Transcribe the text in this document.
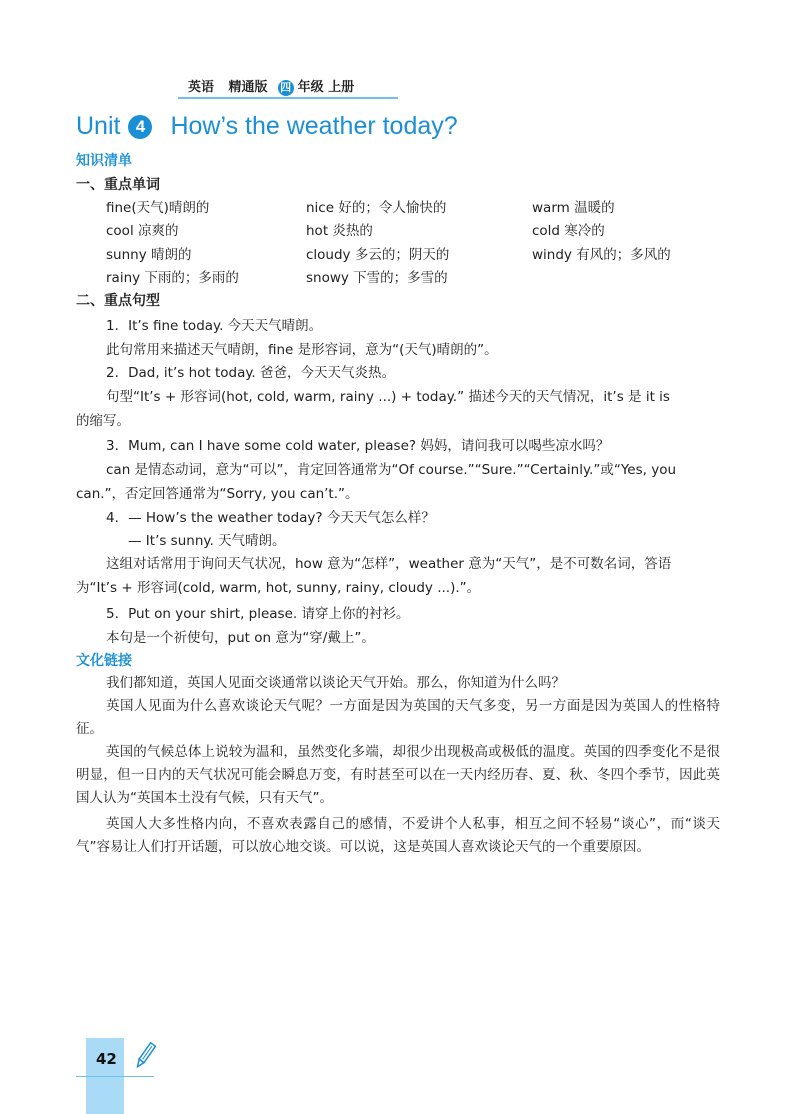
英语 精通版 四 年级 上册
Unit 4 How’s the weather today?
知识清单
一、重点单词
fine(天气)晴朗的	nice 好的；令人愉快的	warm 温暖的
cool 凉爽的	hot 炎热的	cold 寒冷的
sunny 晴朗的	cloudy 多云的；阴天的	windy 有风的；多风的
rainy 下雨的；多雨的	snowy 下雪的；多雪的
二、重点句型
1．It’s fine today. 今天天气晴朗。
此句常用来描述天气晴朗，fine 是形容词，意为“(天气)晴朗的”。
2．Dad, it’s hot today. 爸爸，今天天气炎热。
句型“It’s + 形容词(hot, cold, warm, rainy ...) + today.” 描述今天的天气情况，it’s 是 it is
的缩写。
3．Mum, can I have some cold water, please? 妈妈，请问我可以喝些凉水吗？
can 是情态动词，意为“可以”，肯定回答通常为“Of course.”“Sure.”“Certainly.”或“Yes, you
can.”，否定回答通常为“Sorry, you can’t.”。
4．— How’s the weather today? 今天天气怎么样？
— It’s sunny. 天气晴朗。
这组对话常用于询问天气状况，how 意为“怎样”，weather 意为“天气”，是不可数名词，答语
为“It’s + 形容词(cold, warm, hot, sunny, rainy, cloudy ...).”。
5．Put on your shirt, please. 请穿上你的衬衫。
本句是一个祈使句，put on 意为“穿/戴上”。
文化链接
我们都知道，英国人见面交谈通常以谈论天气开始。那么，你知道为什么吗？
英国人见面为什么喜欢谈论天气呢？一方面是因为英国的天气多变，另一方面是因为英国人的性格特征。
英国的气候总体上说较为温和，虽然变化多端，却很少出现极高或极低的温度。英国的四季变化不是很明显，但一日内的天气状况可能会瞬息万变，有时甚至可以在一天内经历春、夏、秋、冬四个季节，因此英国人认为“英国本土没有气候，只有天气”。
英国人大多性格内向，不喜欢表露自己的感情，不爱讲个人私事，相互之间不轻易“谈心”，而“谈天气”容易让人们打开话题，可以放心地交谈。可以说，这是英国人喜欢谈论天气的一个重要原因。
42
